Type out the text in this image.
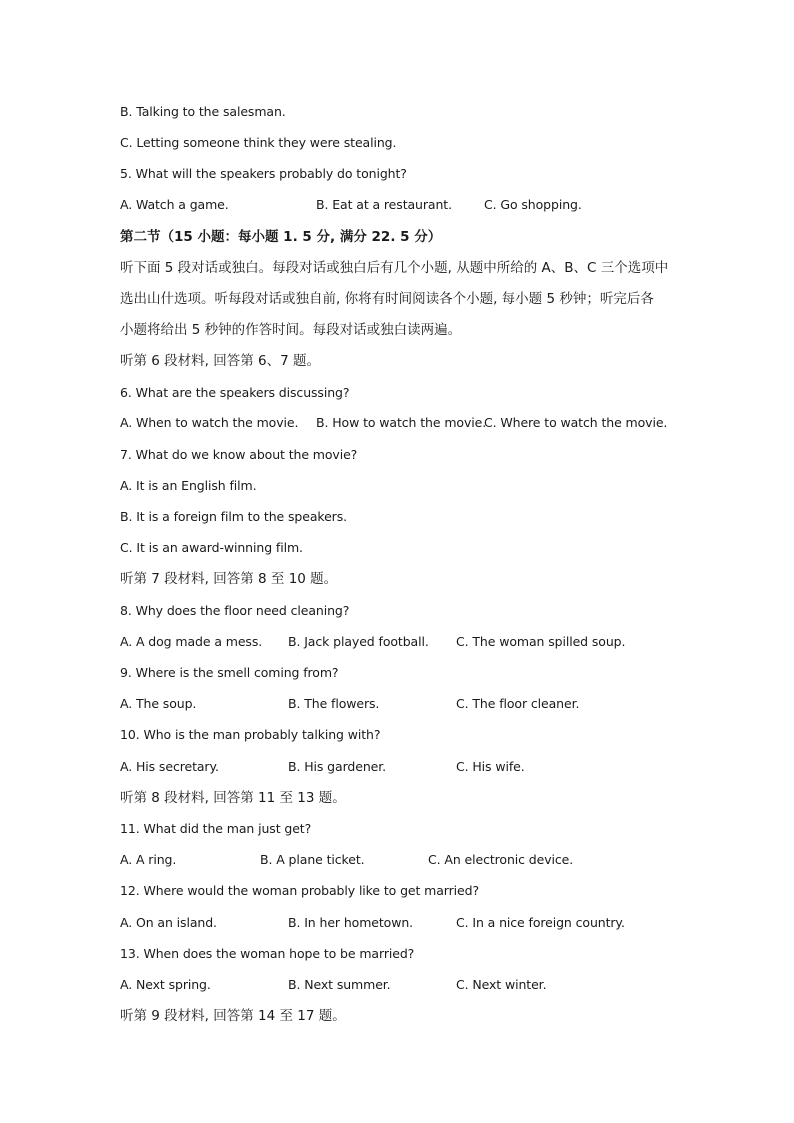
B. Talking to the salesman.
C. Letting someone think they were stealing.
5. What will the speakers probably do tonight?
A. Watch a game.	B. Eat at a restaurant.	C. Go shopping.
第二节（15 小题：每小题 1. 5 分, 满分 22. 5 分）
听下面 5 段对话或独白。每段对话或独白后有几个小题, 从题中所给的 A、B、C 三个选项中
选出山什选项。听每段对话或独自前, 你将有时间阅读各个小题, 每小题 5 秒钟；听完后各
小题将给出 5 秒钟的作答时间。每段对话或独白读两遍。
听第 6 段材料, 回答第 6、7 题。
6. What are the speakers discussing?
A. When to watch the movie. B. How to watch the movie.
C. Where to watch the movie.
7. What do we know about the movie?
A. It is an English film.
B. It is a foreign film to the speakers.
C. It is an award-winning film.
听第 7 段材料, 回答第 8 至 10 题。
8. Why does the floor need cleaning?
A. A dog made a mess. B. Jack played football. C. The woman spilled soup.
9. Where is the smell coming from?
A. The soup.	B. The flowers.	C. The floor cleaner.
10. Who is the man probably talking with?
A. His secretary.	B. His gardener.	C. His wife.
听第 8 段材料, 回答第 11 至 13 题。
11. What did the man just get?
A. A ring.	B. A plane ticket.	C. An electronic device.
12. Where would the woman probably like to get married?
A. On an island.	B. In her hometown.	C. In a nice foreign country.
13. When does the woman hope to be married?
A. Next spring.	B. Next summer.	C. Next winter.
听第 9 段材料, 回答第 14 至 17 题。
